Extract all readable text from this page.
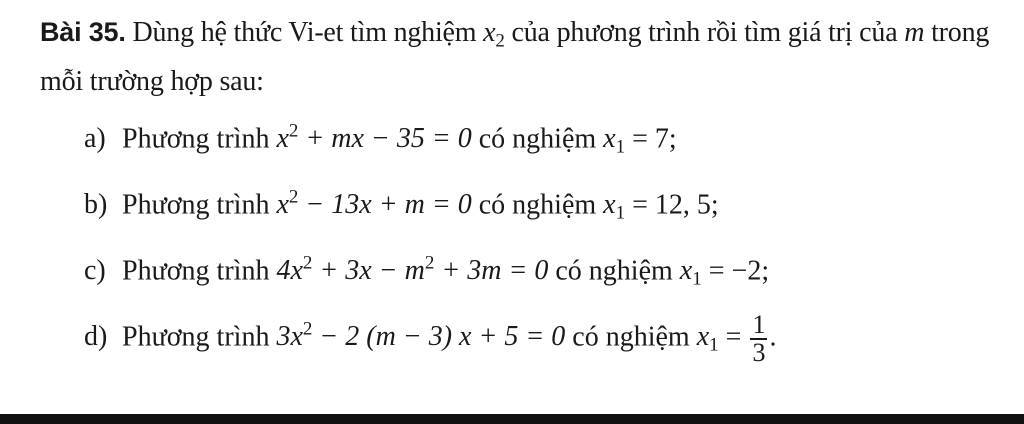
Bài 35. Dùng hệ thức Vi-et tìm nghiệm $x_2$ của phương trình rồi tìm giá trị của m trong mỗi trường hợp sau:
a) Phương trình $x^2$ + mx − 35 = 0 có nghiệm $x_1 = 7$;
b) Phương trình $x^2 - 13x + m = 0$ có nghiệm $x_1 = 12$, 5;
c) Phương trình $4x^2 + 3x - m^2 + 3m = 0$ có nghiệm $x_1 = -2$;
d) Phương trình $3x^2 - 2$ (m − 3) x + 5 = 0 có nghiệm $x_1 = \frac{1}{3}$ .
